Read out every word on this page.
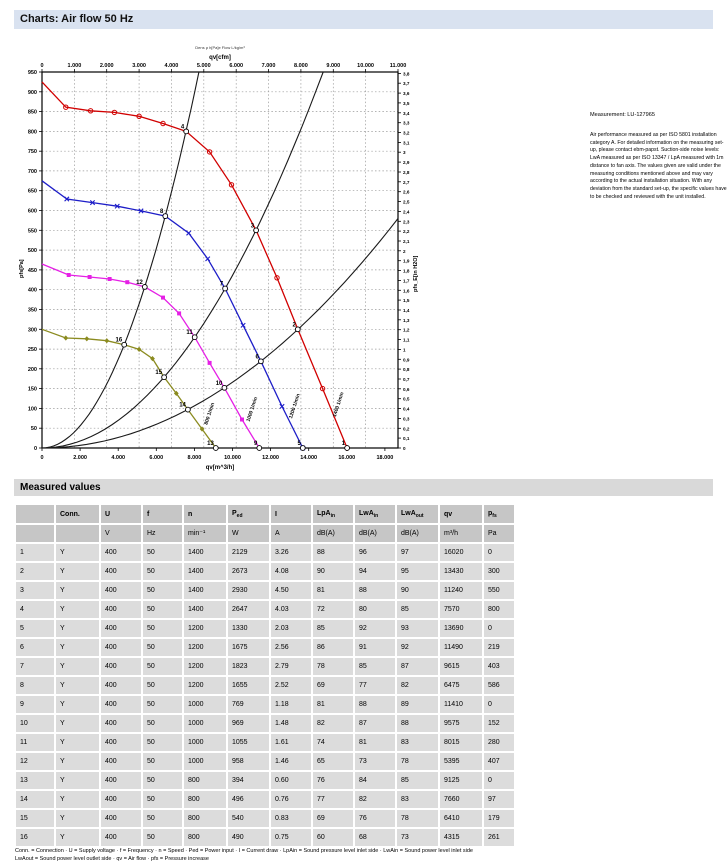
Charts: Air flow 50 Hz
0	1.000	2.000	3.000	4.000	5.000	6.000	7.000	8.000	9.000	10.000	11.000
Dens ρ h[Pa]e Flow L/kg/m³
qv[cfm]
0	2.000	4.000	6.000	8.000	10.000	12.000	14.000	16.000	18.000
qv[m^3/h]
0
50
100
150
200
250
300
350
400
450
500
550
600
650
700
750
800
850
900
950
pfs[Pa]
0
0,1
0,2
0,3
0,4
0,5
0,6
0,7
0,8
0,9
1
1,1
1,2
1,3
1,4
1,5
1,6
1,7
1,8
1,9
2
2,1
2,2
2,3
2,4
2,5
2,6
2,7
2,8
2,9
3
3,1
3,2
3,3
3,4
3,5
3,6
3,7
3,8
pfs_E[in H2O]
1400 1/min
1200 1/min
1000 1/min
800 1/min
1
2
3
4
5
6
7
8
9
10
11
12
13
14
15
16
Measurement: LU-127965
Air performance measured as per ISO 5801 installation category A. For detailed information on the measuring set-up, please contact ebm-papst. Suction-side noise levels: LwA measured as per ISO 13347 / LpA measured with 1m distance to fan axis. The values given are valid under the measuring conditions mentioned above and may vary according to the actual installation situation. With any deviation from the standard set-up, the specific values have to be checked and reviewed with the unit installed.
Measured values
	Conn.	U	f	n	$P_{ed}$	I	LpA$_{in}$	LwA$_{in}$	LwA$_{out}$	qv	$p_{fs}$
		V	Hz	min⁻¹	W	A	dB(A)	dB(A)	dB(A)	m³/h	Pa
1	Y	400	50	1400	2129	3.26	88	96	97	16020	0
2	Y	400	50	1400	2673	4.08	90	94	95	13430	300
3	Y	400	50	1400	2930	4.50	81	88	90	11240	550
4	Y	400	50	1400	2647	4.03	72	80	85	7570	800
5	Y	400	50	1200	1330	2.03	85	92	93	13690	0
6	Y	400	50	1200	1675	2.56	86	91	92	11490	219
7	Y	400	50	1200	1823	2.79	78	85	87	9615	403
8	Y	400	50	1200	1655	2.52	69	77	82	6475	586
9	Y	400	50	1000	769	1.18	81	88	89	11410	0
10	Y	400	50	1000	969	1.48	82	87	88	9575	152
11	Y	400	50	1000	1055	1.61	74	81	83	8015	280
12	Y	400	50	1000	958	1.46	65	73	78	5395	407
13	Y	400	50	800	394	0.60	76	84	85	9125	0
14	Y	400	50	800	496	0.76	77	82	83	7660	97
15	Y	400	50	800	540	0.83	69	76	78	6410	179
16	Y	400	50	800	490	0.75	60	68	73	4315	261
Conn. = Connection · U = Supply voltage · f = Frequency · n = Speed · Ped = Power input · I = Current draw · LpAin = Sound pressure level inlet side · LwAin = Sound power level inlet side
LwAout = Sound power level outlet side · qv = Air flow · pfs = Pressure increase
